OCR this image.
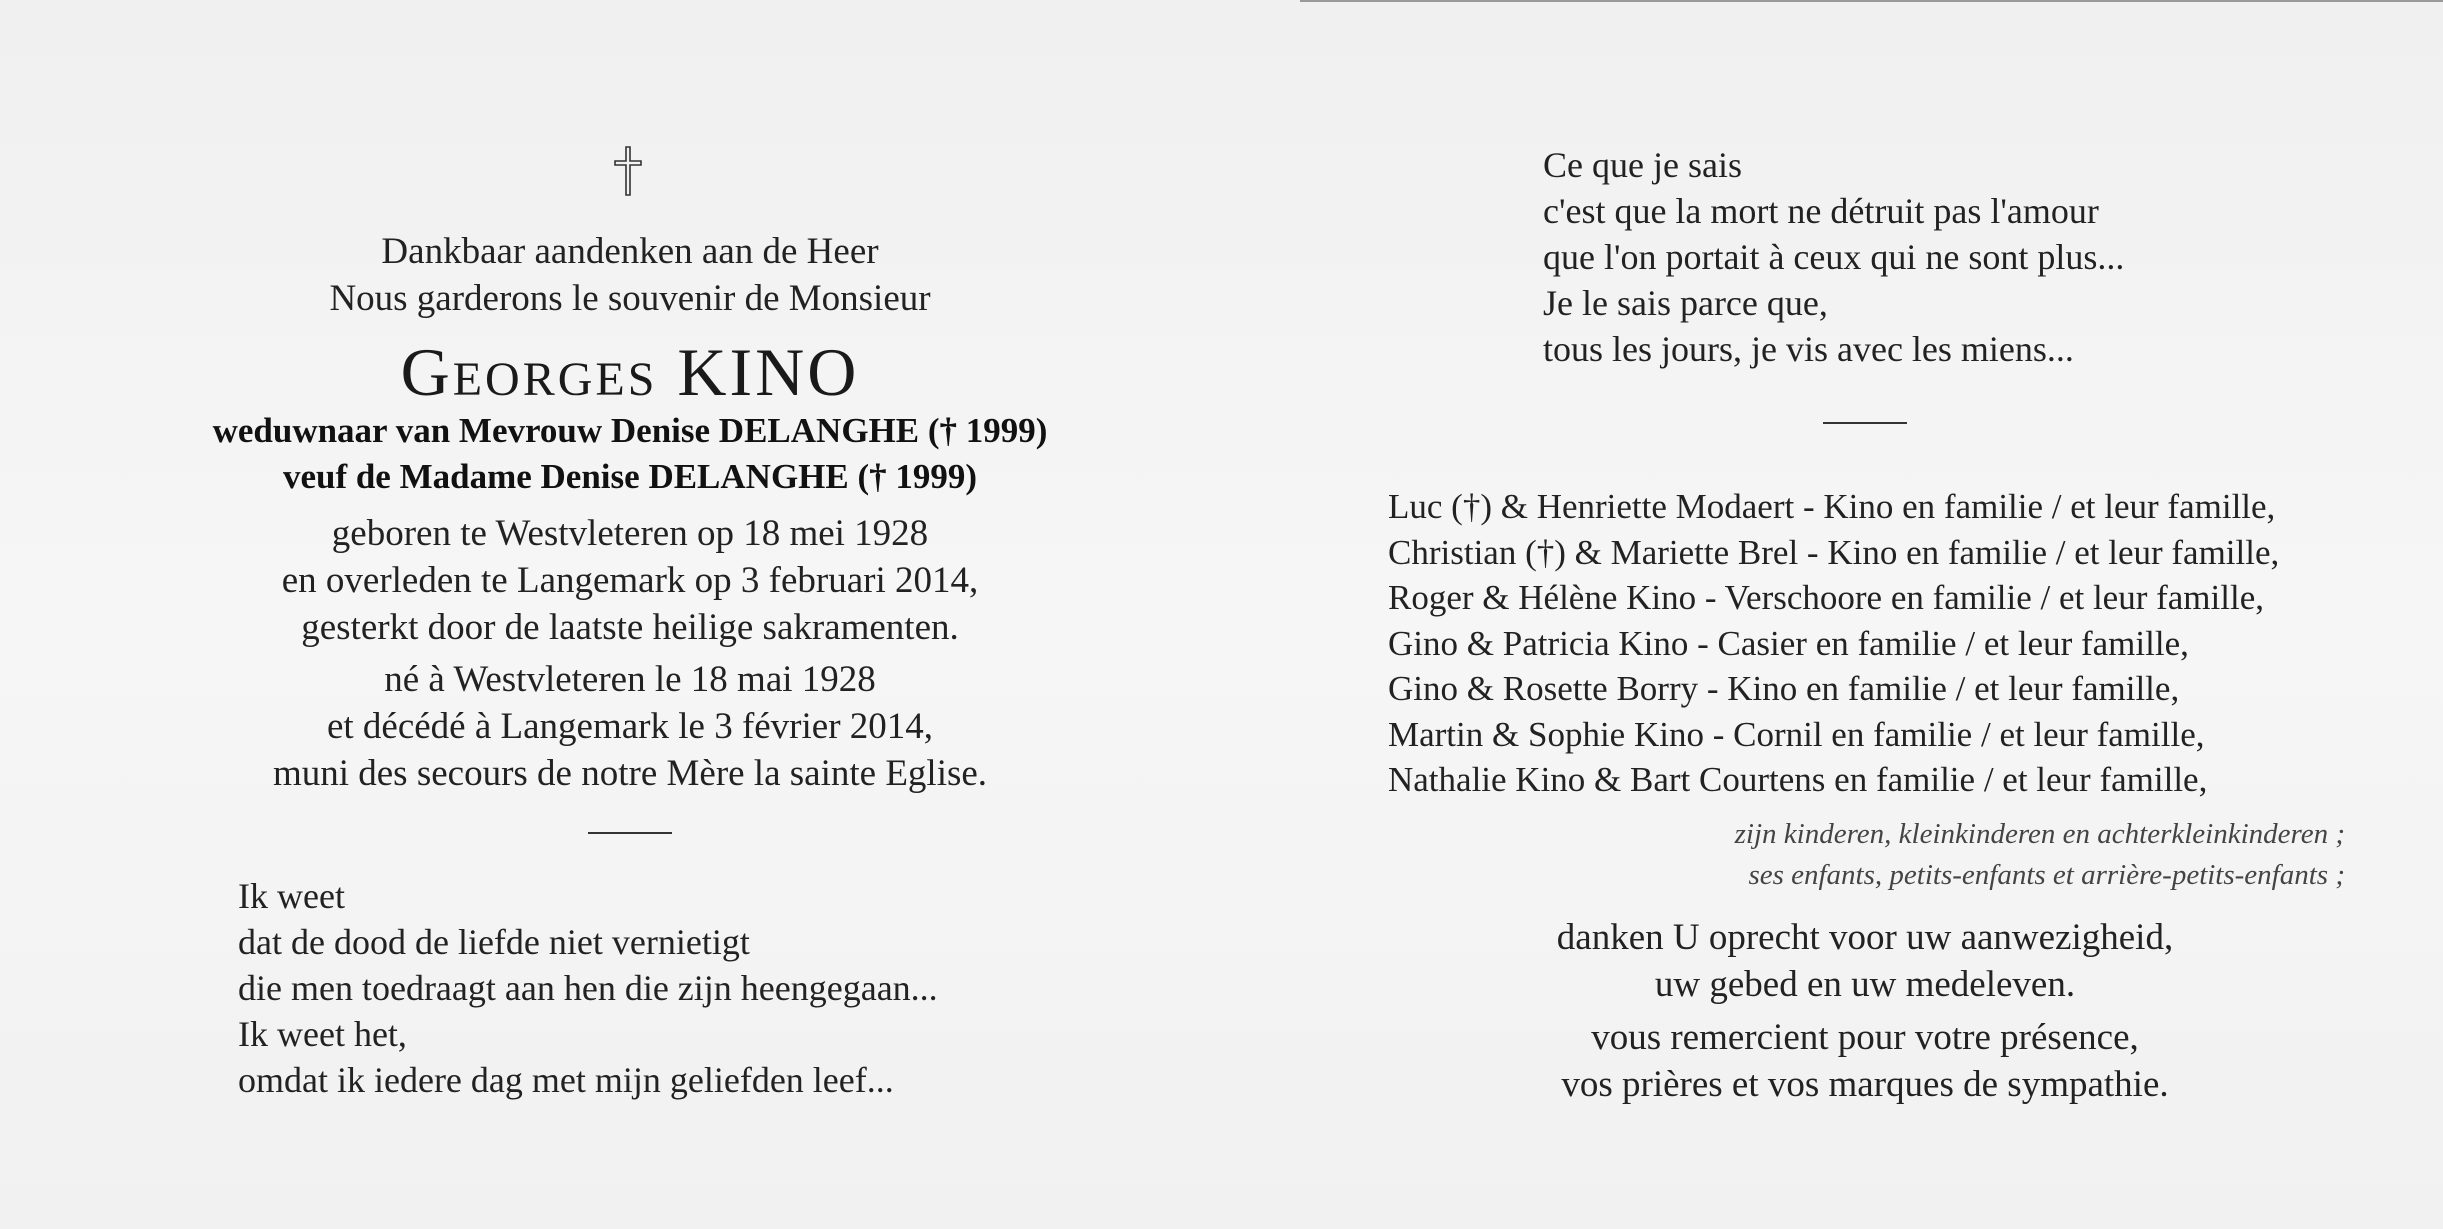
Dankbaar aandenken aan de Heer
Nous garderons le souvenir de Monsieur
Georges KINO
weduwnaar van Mevrouw Denise DELANGHE († 1999)
veuf de Madame Denise DELANGHE († 1999)
geboren te Westvleteren op 18 mei 1928
en overleden te Langemark op 3 februari 2014,
gesterkt door de laatste heilige sakramenten.
né à Westvleteren le 18 mai 1928
et décédé à Langemark le 3 février 2014,
muni des secours de notre Mère la sainte Eglise.
Ik weet
dat de dood de liefde niet vernietigt
die men toedraagt aan hen die zijn heengegaan...
Ik weet het,
omdat ik iedere dag met mijn geliefden leef...
Ce que je sais
c'est que la mort ne détruit pas l'amour
que l'on portait à ceux qui ne sont plus...
Je le sais parce que,
tous les jours, je vis avec les miens...
Luc (†) & Henriette Modaert - Kino en familie / et leur famille,
Christian (†) & Mariette Brel - Kino en familie / et leur famille,
Roger & Hélène Kino - Verschoore en familie / et leur famille,
Gino & Patricia Kino - Casier en familie / et leur famille,
Gino & Rosette Borry - Kino en familie / et leur famille,
Martin & Sophie Kino - Cornil en familie / et leur famille,
Nathalie Kino & Bart Courtens en familie / et leur famille,
zijn kinderen, kleinkinderen en achterkleinkinderen ;
ses enfants, petits-enfants et arrière-petits-enfants ;
danken U oprecht voor uw aanwezigheid,
uw gebed en uw medeleven.
vous remercient pour votre présence,
vos prières et vos marques de sympathie.
